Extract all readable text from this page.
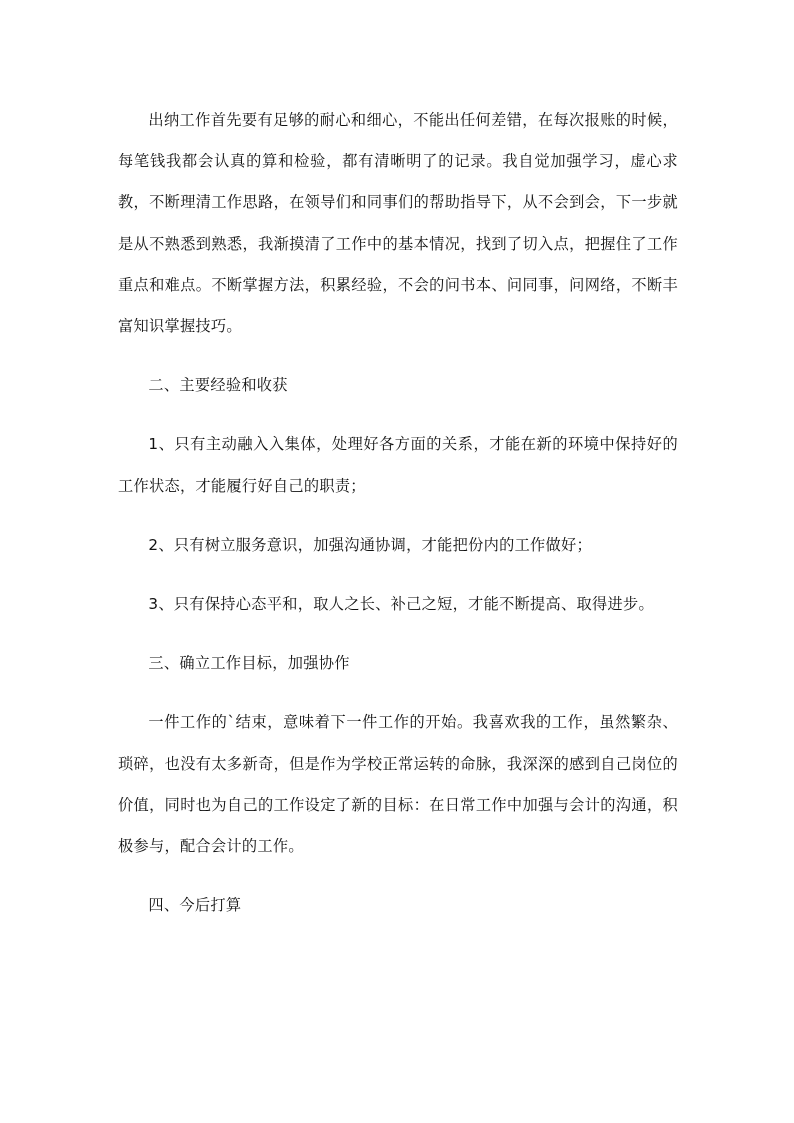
出纳工作首先要有足够的耐心和细心，不能出任何差错，在每次报账的时候，每笔钱我都会认真的算和检验，都有清晰明了的记录。我自觉加强学习，虚心求教，不断理清工作思路，在领导们和同事们的帮助指导下，从不会到会，下一步就是从不熟悉到熟悉，我渐摸清了工作中的基本情况，找到了切入点，把握住了工作重点和难点。不断掌握方法，积累经验，不会的问书本、问同事，问网络，不断丰富知识掌握技巧。

二、主要经验和收获

1、只有主动融入入集体，处理好各方面的关系，才能在新的环境中保持好的工作状态，才能履行好自己的职责；

2、只有树立服务意识，加强沟通协调，才能把份内的工作做好；

3、只有保持心态平和，取人之长、补己之短，才能不断提高、取得进步。

三、确立工作目标，加强协作

一件工作的`结束，意味着下一件工作的开始。我喜欢我的工作，虽然繁杂、琐碎，也没有太多新奇，但是作为学校正常运转的命脉，我深深的感到自己岗位的价值，同时也为自己的工作设定了新的目标：在日常工作中加强与会计的沟通，积极参与，配合会计的工作。

四、今后打算
